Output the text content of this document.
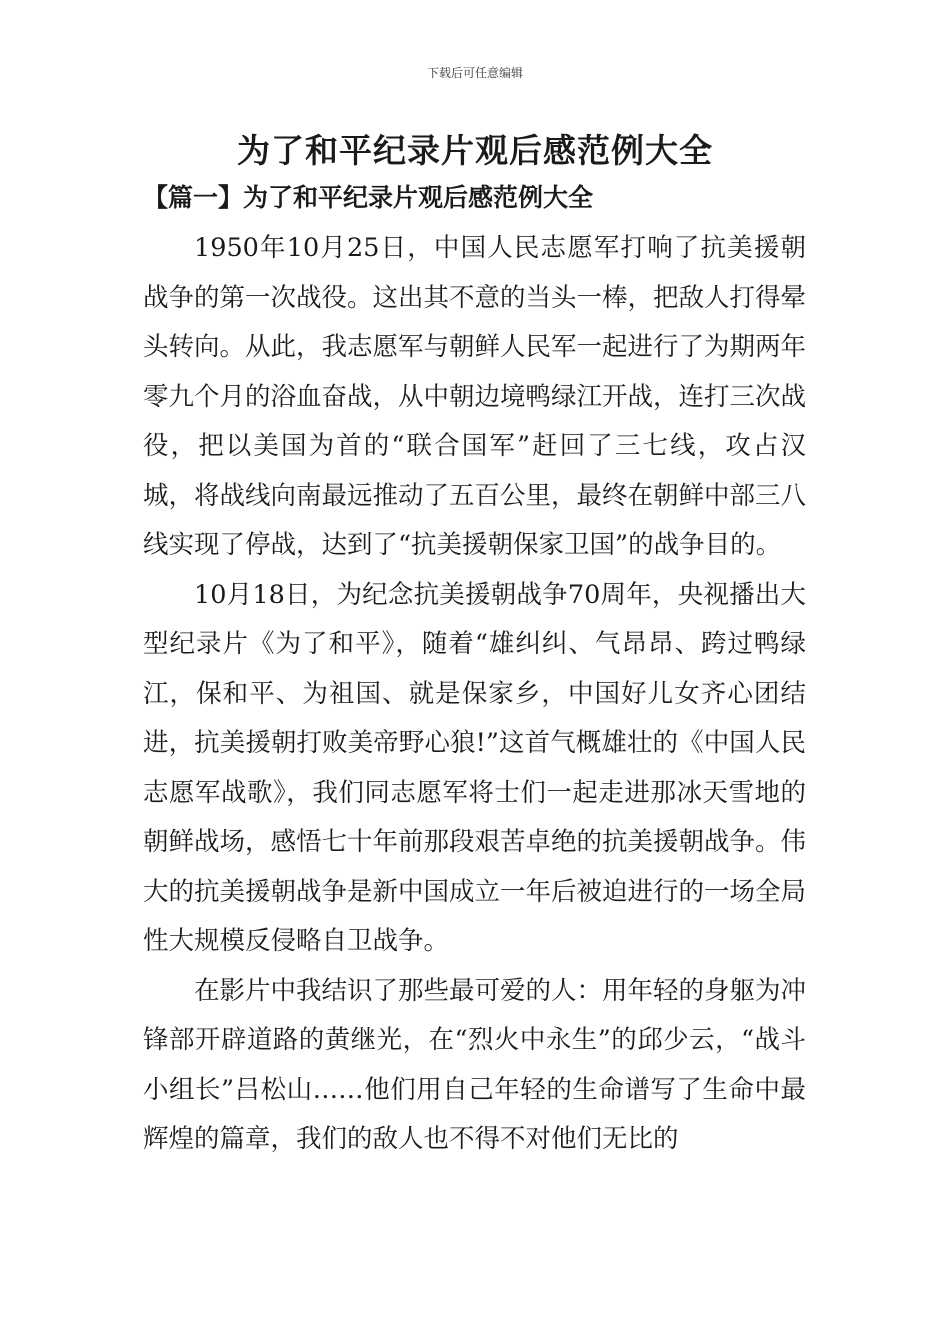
下载后可任意编辑
为了和平纪录片观后感范例大全
【篇一】为了和平纪录片观后感范例大全

1950年10月25日，中国人民志愿军打响了抗美援朝战争的第一次战役。这出其不意的当头一棒，把敌人打得晕头转向。从此，我志愿军与朝鲜人民军一起进行了为期两年零九个月的浴血奋战，从中朝边境鸭绿江开战，连打三次战役，把以美国为首的“联合国军”赶回了三七线，攻占汉城，将战线向南最远推动了五百公里，最终在朝鲜中部三八线实现了停战，达到了“抗美援朝保家卫国”的战争目的。

10月18日，为纪念抗美援朝战争70周年，央视播出大型纪录片《为了和平》，随着“雄纠纠、气昂昂、跨过鸭绿江，保和平、为祖国、就是保家乡，中国好儿女齐心团结进，抗美援朝打败美帝野心狼!”这首气概雄壮的《中国人民志愿军战歌》，我们同志愿军将士们一起走进那冰天雪地的朝鲜战场，感悟七十年前那段艰苦卓绝的抗美援朝战争。伟大的抗美援朝战争是新中国成立一年后被迫进行的一场全局性大规模反侵略自卫战争。

在影片中我结识了那些最可爱的人：用年轻的身躯为冲锋部开辟道路的黄继光，在“烈火中永生”的邱少云，“战斗小组长”吕松山……他们用自己年轻的生命谱写了生命中最辉煌的篇章，我们的敌人也不得不对他们无比的
